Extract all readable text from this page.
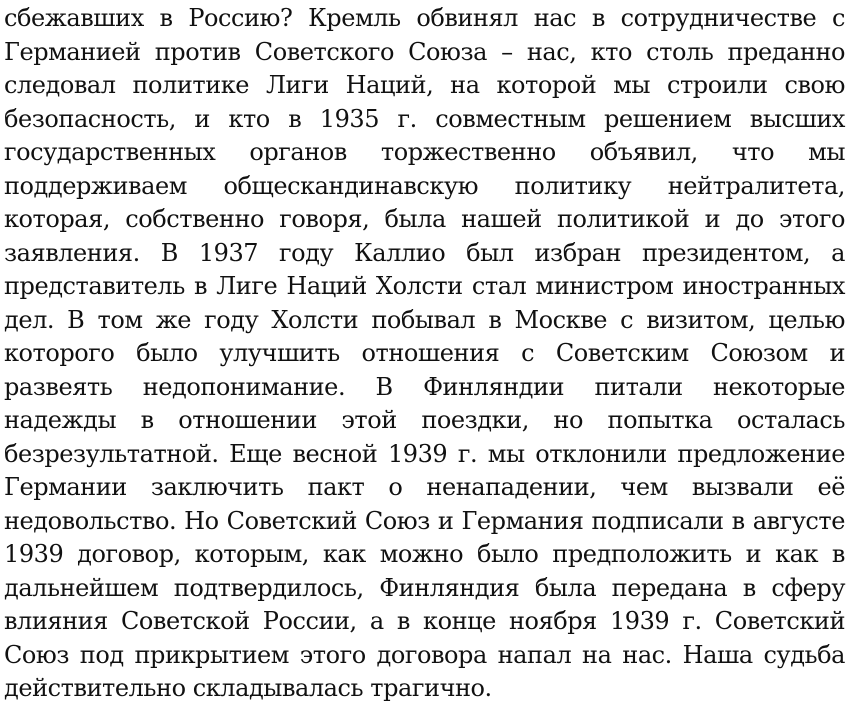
сбежавших в Россию? Кремль обвинял нас в сотрудничестве с Германией против Советского Союза – нас, кто столь преданно следовал политике Лиги Наций, на которой мы строили свою безопасность, и кто в 1935 г. совместным решением высших государственных органов торжественно объявил, что мы поддерживаем общескандинавскую политику нейтралитета, которая, собственно говоря, была нашей политикой и до этого заявления. В 1937 году Каллио был избран президентом, а представитель в Лиге Наций Холсти стал министром иностранных дел. В том же году Холсти побывал в Москве с визитом, целью которого было улучшить отношения с Советским Союзом и развеять недопонимание. В Финляндии питали некоторые надежды в отношении этой поездки, но попытка осталась безрезультатной. Еще весной 1939 г. мы отклонили предложение Германии заключить пакт о ненападении, чем вызвали её недовольство. Но Советский Союз и Германия подписали в августе 1939 договор, которым, как можно было предположить и как в дальнейшем подтвердилось, Финляндия была передана в сферу влияния Советской России, а в конце ноября 1939 г. Советский Союз под прикрытием этого договора напал на нас. Наша судьба действительно складывалась трагично.
